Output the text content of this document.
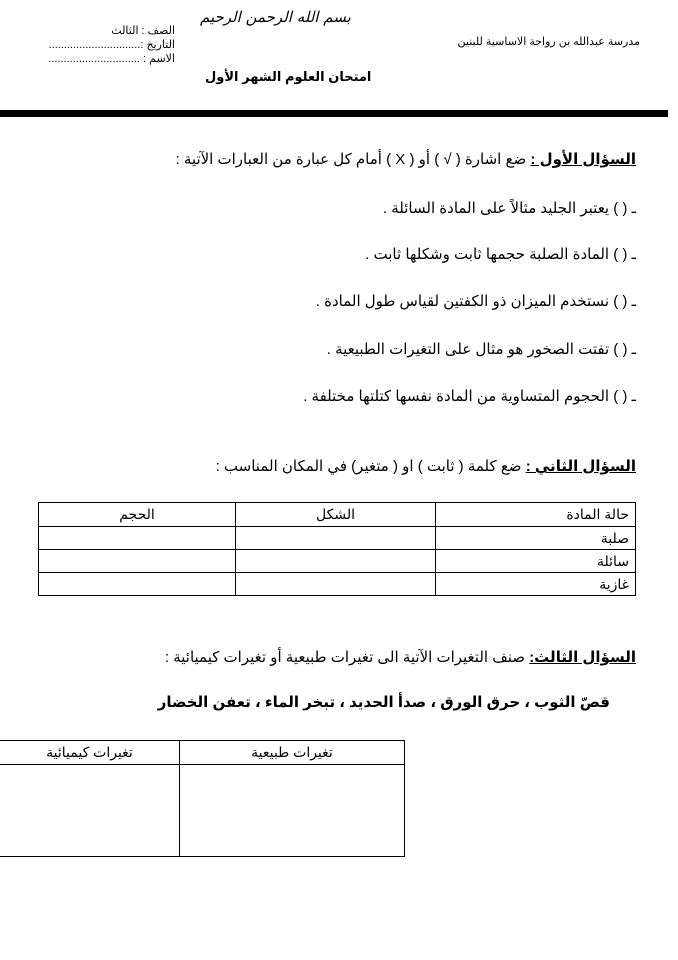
مدرسة عبدالله بن رواحة الاساسية للبنين
بسم الله الرحمن الرحيم
الصف : الثالث
التاريخ :..............................
الاسم : ..............................
امتحان العلوم الشهر الأول
السؤال الأول : ضع اشارة ( √ ) أو ( X ) أمام كل عبارة من العبارات الآتية :
ـ ( ) يعتبر الجليد مثالاً على المادة السائلة .
ـ ( ) المادة الصلبة حجمها ثابت وشكلها ثابت .
ـ ( ) نستخدم الميزان ذو الكفتين لقياس طول المادة .
ـ ( ) تفتت الصخور هو مثال على التغيرات الطبيعية .
ـ ( ) الحجوم المتساوية من المادة نفسها كتلتها مختلفة .
السؤال الثاني : ضع كلمة ( ثابت ) او ( متغير) في المكان المناسب :
حالة المادة	الشكل	الحجم
صلبة		
سائلة		
غازية		
السؤال الثالث: صنف التغيرات الآتية الى تغيرات طبيعية أو تغيرات كيميائية :
قصّ الثوب ، حرق الورق ، صدأ الحديد ، تبخر الماء ، تعفن الخضار
تغيرات طبيعية	تغيرات كيميائية
